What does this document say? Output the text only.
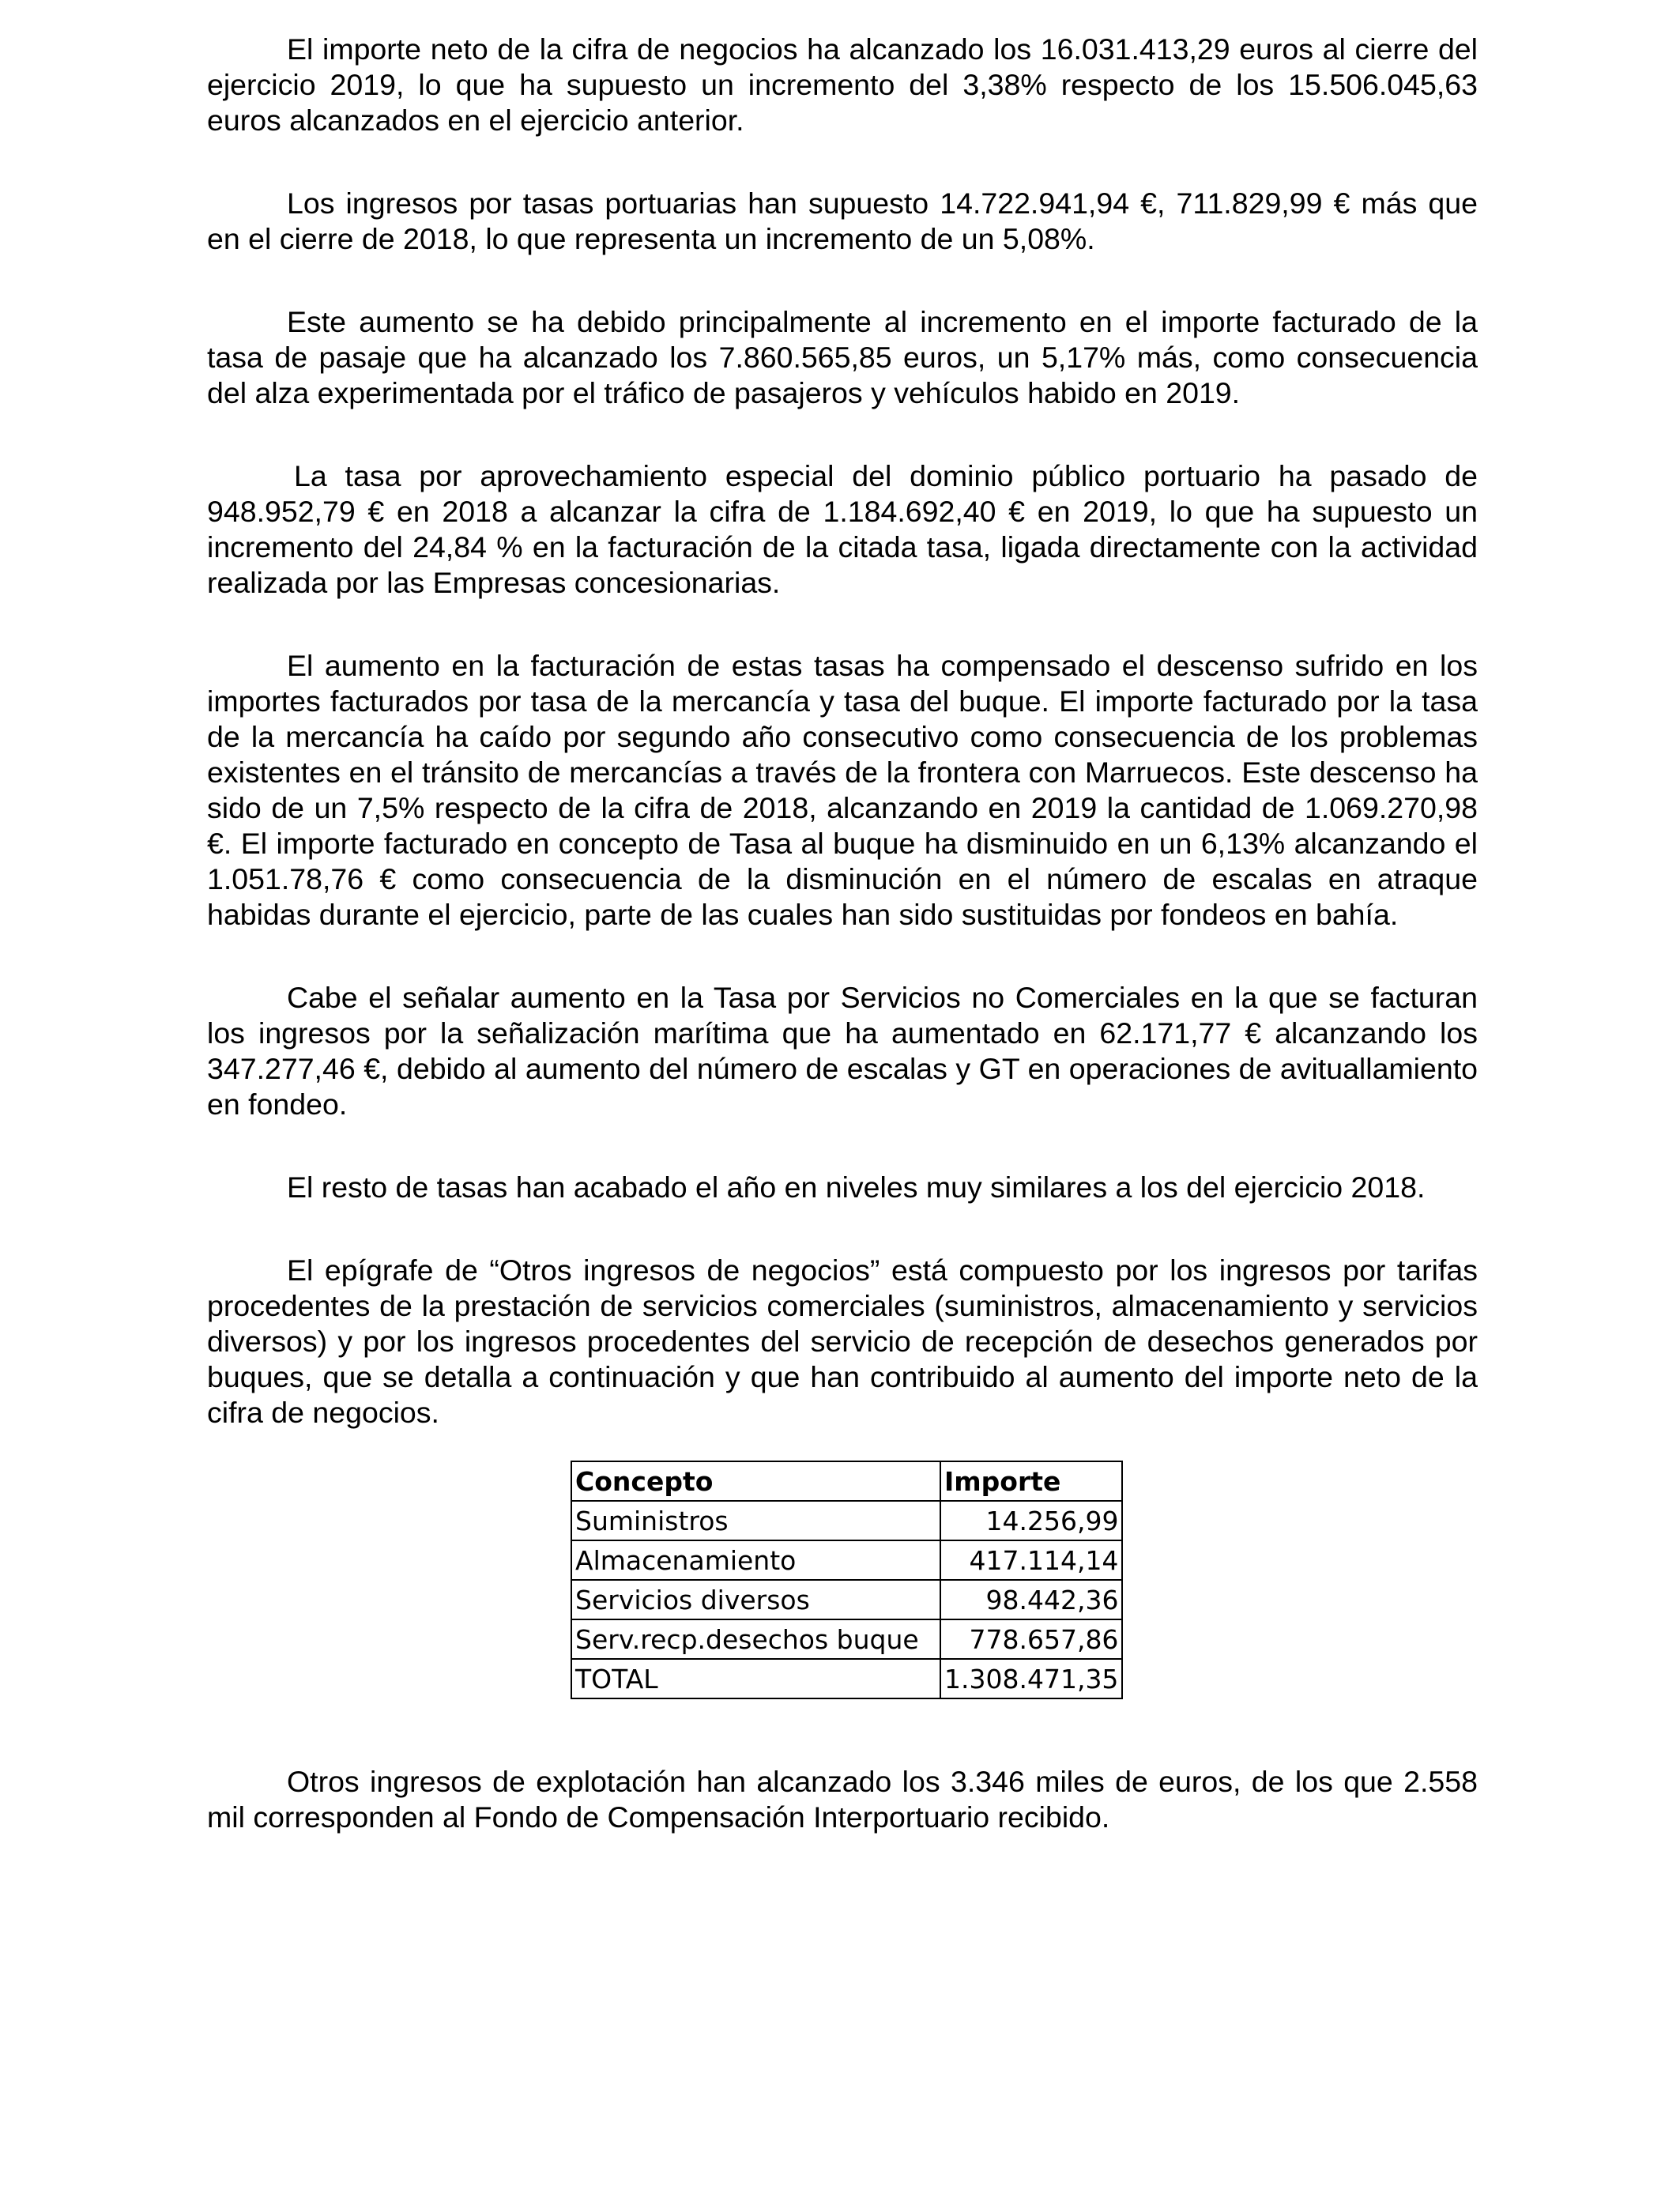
El importe neto de la cifra de negocios ha alcanzado los 16.031.413,29 euros al cierre del ejercicio 2019, lo que ha supuesto un incremento del 3,38% respecto de los 15.506.045,63 euros alcanzados en el ejercicio anterior.

Los ingresos por tasas portuarias han supuesto 14.722.941,94 €, 711.829,99 € más que en el cierre de 2018, lo que representa un incremento de un 5,08%.

Este aumento se ha debido principalmente al incremento en el importe facturado de la tasa de pasaje que ha alcanzado los 7.860.565,85 euros, un 5,17% más, como consecuencia del alza experimentada por el tráfico de pasajeros y vehículos habido en 2019.

La tasa por aprovechamiento especial del dominio público portuario ha pasado de 948.952,79 € en 2018 a alcanzar la cifra de 1.184.692,40 € en 2019, lo que ha supuesto un incremento del 24,84 % en la facturación de la citada tasa, ligada directamente con la actividad realizada por las Empresas concesionarias.

El aumento en la facturación de estas tasas ha compensado el descenso sufrido en los importes facturados por tasa de la mercancía y tasa del buque. El importe facturado por la tasa de la mercancía ha caído por segundo año consecutivo como consecuencia de los problemas existentes en el tránsito de mercancías a través de la frontera con Marruecos. Este descenso ha sido de un 7,5% respecto de la cifra de 2018, alcanzando en 2019 la cantidad de 1.069.270,98 €. El importe facturado en concepto de Tasa al buque ha disminuido en un 6,13% alcanzando el 1.051.78,76 € como consecuencia de la disminución en el número de escalas en atraque habidas durante el ejercicio, parte de las cuales han sido sustituidas por fondeos en bahía.

Cabe el señalar aumento en la Tasa por Servicios no Comerciales en la que se facturan los ingresos por la señalización marítima que ha aumentado en 62.171,77 € alcanzando los 347.277,46 €, debido al aumento del número de escalas y GT en operaciones de avituallamiento en fondeo.

El resto de tasas han acabado el año en niveles muy similares a los del ejercicio 2018.

El epígrafe de “Otros ingresos de negocios” está compuesto por los ingresos por tarifas procedentes de la prestación de servicios comerciales (suministros, almacenamiento y servicios diversos) y por los ingresos procedentes del servicio de recepción de desechos generados por buques, que se detalla a continuación y que han contribuido al aumento del importe neto de la cifra de negocios.

Concepto	Importe
Suministros	14.256,99
Almacenamiento	417.114,14
Servicios diversos	98.442,36
Serv.recp.desechos buque	778.657,86
TOTAL	1.308.471,35

Otros ingresos de explotación han alcanzado los 3.346 miles de euros, de los que 2.558 mil corresponden al Fondo de Compensación Interportuario recibido.
